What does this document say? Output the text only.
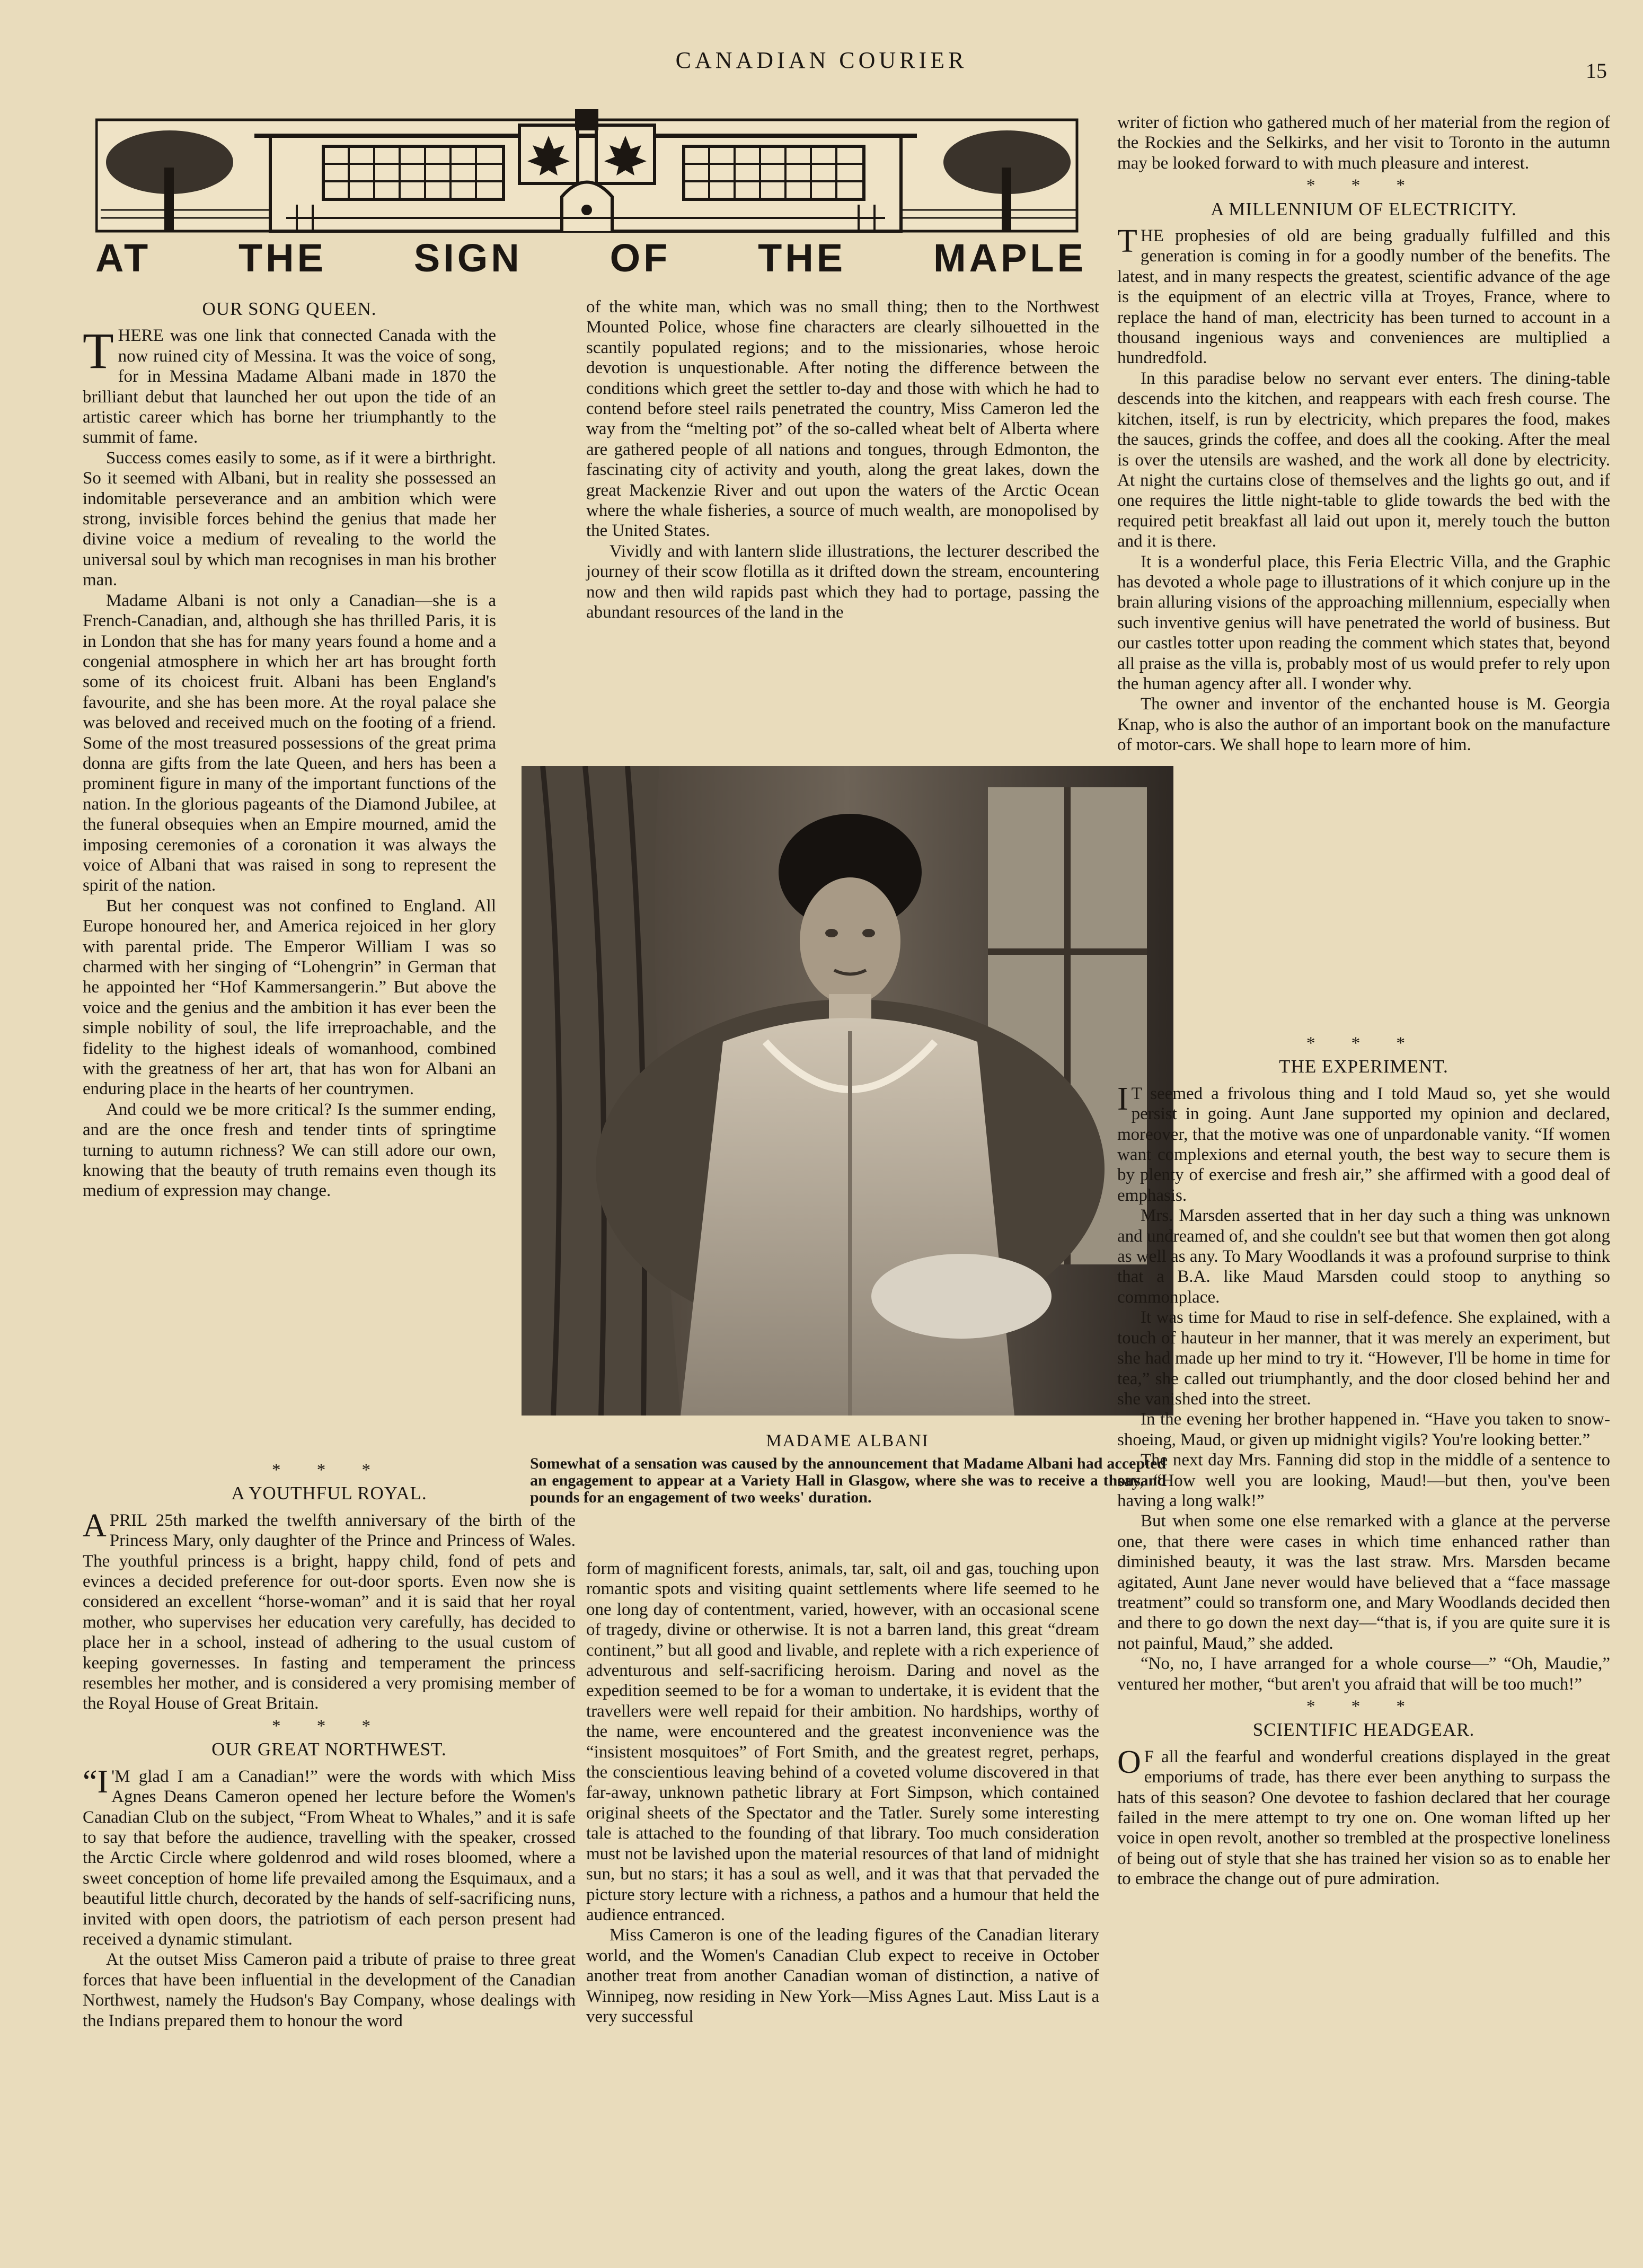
CANADIAN COURIER	15
AT THE SIGN OF THE MAPLE
OUR SONG QUEEN.

THERE was one link that connected Canada with the now ruined city of Messina. It was the voice of song, for in Messina Madame Albani made in 1870 the brilliant debut that launched her out upon the tide of an artistic career which has borne her triumphantly to the summit of fame.

Success comes easily to some, as if it were a birthright. So it seemed with Albani, but in reality she possessed an indomitable perseverance and an ambition which were strong, invisible forces behind the genius that made her divine voice a medium of revealing to the world the universal soul by which man recognises in man his brother man.

Madame Albani is not only a Canadian—she is a French-Canadian, and, although she has thrilled Paris, it is in London that she has for many years found a home and a congenial atmosphere in which her art has brought forth some of its choicest fruit. Albani has been England's favourite, and she has been more. At the royal palace she was beloved and received much on the footing of a friend. Some of the most treasured possessions of the great prima donna are gifts from the late Queen, and hers has been a prominent figure in many of the important functions of the nation. In the glorious pageants of the Diamond Jubilee, at the funeral obsequies when an Empire mourned, amid the imposing ceremonies of a coronation it was always the voice of Albani that was raised in song to represent the spirit of the nation.

But her conquest was not confined to England. All Europe honoured her, and America rejoiced in her glory with parental pride. The Emperor William I was so charmed with her singing of “Lohengrin” in German that he appointed her “Hof Kammersangerin.” But above the voice and the genius and the ambition it has ever been the simple nobility of soul, the life irreproachable, and the fidelity to the highest ideals of womanhood, combined with the greatness of her art, that has won for Albani an enduring place in the hearts of her countrymen.

And could we be more critical? Is the summer ending, and are the once fresh and tender tints of springtime turning to autumn richness? We can still adore our own, knowing that the beauty of truth remains even though its medium of expression may change.

* * *
A YOUTHFUL ROYAL.

APRIL 25th marked the twelfth anniversary of the birth of the Princess Mary, only daughter of the Prince and Princess of Wales. The youthful princess is a bright, happy child, fond of pets and evinces a decided preference for out-door sports. Even now she is considered an excellent “horse-woman” and it is said that her royal mother, who supervises her education very carefully, has decided to place her in a school, instead of adhering to the usual custom of keeping governesses. In fasting and temperament the princess resembles her mother, and is considered a very promising member of the Royal House of Great Britain.

* * *
OUR GREAT NORTHWEST.

“I 'M glad I am a Canadian!” were the words with which Miss Agnes Deans Cameron opened her lecture before the Women's Canadian Club on the subject, “From Wheat to Whales,” and it is safe to say that before the audience, travelling with the speaker, crossed the Arctic Circle where goldenrod and wild roses bloomed, where a sweet conception of home life prevailed among the Esquimaux, and a beautiful little church, decorated by the hands of self-sacrificing nuns, invited with open doors, the patriotism of each person present had received a dynamic stimulant.

At the outset Miss Cameron paid a tribute of praise to three great forces that have been influential in the development of the Canadian Northwest, namely the Hudson's Bay Company, whose dealings with the Indians prepared them to honour the word

of the white man, which was no small thing; then to the Northwest Mounted Police, whose fine characters are clearly silhouetted in the scantily populated regions; and to the missionaries, whose heroic devotion is unquestionable. After noting the difference between the conditions which greet the settler to-day and those with which he had to contend before steel rails penetrated the country, Miss Cameron led the way from the “melting pot” of the so-called wheat belt of Alberta where are gathered people of all nations and tongues, through Edmonton, the fascinating city of activity and youth, along the great lakes, down the great Mackenzie River and out upon the waters of the Arctic Ocean where the whale fisheries, a source of much wealth, are monopolised by the United States.

Vividly and with lantern slide illustrations, the lecturer described the journey of their scow flotilla as it drifted down the stream, encountering now and then wild rapids past which they had to portage, passing the abundant resources of the land in the

MADAME ALBANI
Somewhat of a sensation was caused by the announcement that Madame Albani had accepted an engagement to appear at a Variety Hall in Glasgow, where she was to receive a thousand pounds for an engagement of two weeks' duration.

form of magnificent forests, animals, tar, salt, oil and gas, touching upon romantic spots and visiting quaint settlements where life seemed to he one long day of contentment, varied, however, with an occasional scene of tragedy, divine or otherwise. It is not a barren land, this great “dream continent,” but all good and livable, and replete with a rich experience of adventurous and self-sacrificing heroism. Daring and novel as the expedition seemed to be for a woman to undertake, it is evident that the travellers were well repaid for their ambition. No hardships, worthy of the name, were encountered and the greatest inconvenience was the “insistent mosquitoes” of Fort Smith, and the greatest regret, perhaps, the conscientious leaving behind of a coveted volume discovered in that far-away, unknown pathetic library at Fort Simpson, which contained original sheets of the Spectator and the Tatler. Surely some interesting tale is attached to the founding of that library. Too much consideration must not be lavished upon the material resources of that land of midnight sun, but no stars; it has a soul as well, and it was that that pervaded the picture story lecture with a richness, a pathos and a humour that held the audience entranced.

Miss Cameron is one of the leading figures of the Canadian literary world, and the Women's Canadian Club expect to receive in October another treat from another Canadian woman of distinction, a native of Winnipeg, now residing in New York—Miss Agnes Laut. Miss Laut is a very successful

writer of fiction who gathered much of her material from the region of the Rockies and the Selkirks, and her visit to Toronto in the autumn may be looked forward to with much pleasure and interest.

* * *
A MILLENNIUM OF ELECTRICITY.

THE prophesies of old are being gradually fulfilled and this generation is coming in for a goodly number of the benefits. The latest, and in many respects the greatest, scientific advance of the age is the equipment of an electric villa at Troyes, France, where to replace the hand of man, electricity has been turned to account in a thousand ingenious ways and conveniences are multiplied a hundredfold.

In this paradise below no servant ever enters. The dining-table descends into the kitchen, and reappears with each fresh course. The kitchen, itself, is run by electricity, which prepares the food, makes the sauces, grinds the coffee, and does all the cooking. After the meal is over the utensils are washed, and the work all done by electricity. At night the curtains close of themselves and the lights go out, and if one requires the little night-table to glide towards the bed with the required petit breakfast all laid out upon it, merely touch the button and it is there.

It is a wonderful place, this Feria Electric Villa, and the Graphic has devoted a whole page to illustrations of it which conjure up in the brain alluring visions of the approaching millennium, especially when such inventive genius will have penetrated the world of business. But our castles totter upon reading the comment which states that, beyond all praise as the villa is, probably most of us would prefer to rely upon the human agency after all. I wonder why.

The owner and inventor of the enchanted house is M. Georgia Knap, who is also the author of an important book on the manufacture of motor-cars. We shall hope to learn more of him.

* * *
THE EXPERIMENT.

I T seemed a frivolous thing and I told Maud so, yet she would persist in going. Aunt Jane supported my opinion and declared, moreover, that the motive was one of unpardonable vanity. “If women want complexions and eternal youth, the best way to secure them is by plenty of exercise and fresh air,” she affirmed with a good deal of emphasis.

Mrs. Marsden asserted that in her day such a thing was unknown and undreamed of, and she couldn't see but that women then got along as well as any. To Mary Woodlands it was a profound surprise to think that a B.A. like Maud Marsden could stoop to anything so commonplace.

It was time for Maud to rise in self-defence. She explained, with a touch of hauteur in her manner, that it was merely an experiment, but she had made up her mind to try it. “However, I'll be home in time for tea,” she called out triumphantly, and the door closed behind her and she vanished into the street.

In the evening her brother happened in. “Have you taken to snow-shoeing, Maud, or given up midnight vigils? You're looking better.”

The next day Mrs. Fanning did stop in the middle of a sentence to say, “How well you are looking, Maud!—but then, you've been having a long walk!”

But when some one else remarked with a glance at the perverse one, that there were cases in which time enhanced rather than diminished beauty, it was the last straw. Mrs. Marsden became agitated, Aunt Jane never would have believed that a “face massage treatment” could so transform one, and Mary Woodlands decided then and there to go down the next day—“that is, if you are quite sure it is not painful, Maud,” she added.

“No, no, I have arranged for a whole course—” “Oh, Maudie,” ventured her mother, “but aren't you afraid that will be too much!”

* * *
SCIENTIFIC HEADGEAR.

O F all the fearful and wonderful creations displayed in the great emporiums of trade, has there ever been anything to surpass the hats of this season? One devotee to fashion declared that her courage failed in the mere attempt to try one on. One woman lifted up her voice in open revolt, another so trembled at the prospective loneliness of being out of style that she has trained her vision so as to enable her to embrace the change out of pure admiration.
